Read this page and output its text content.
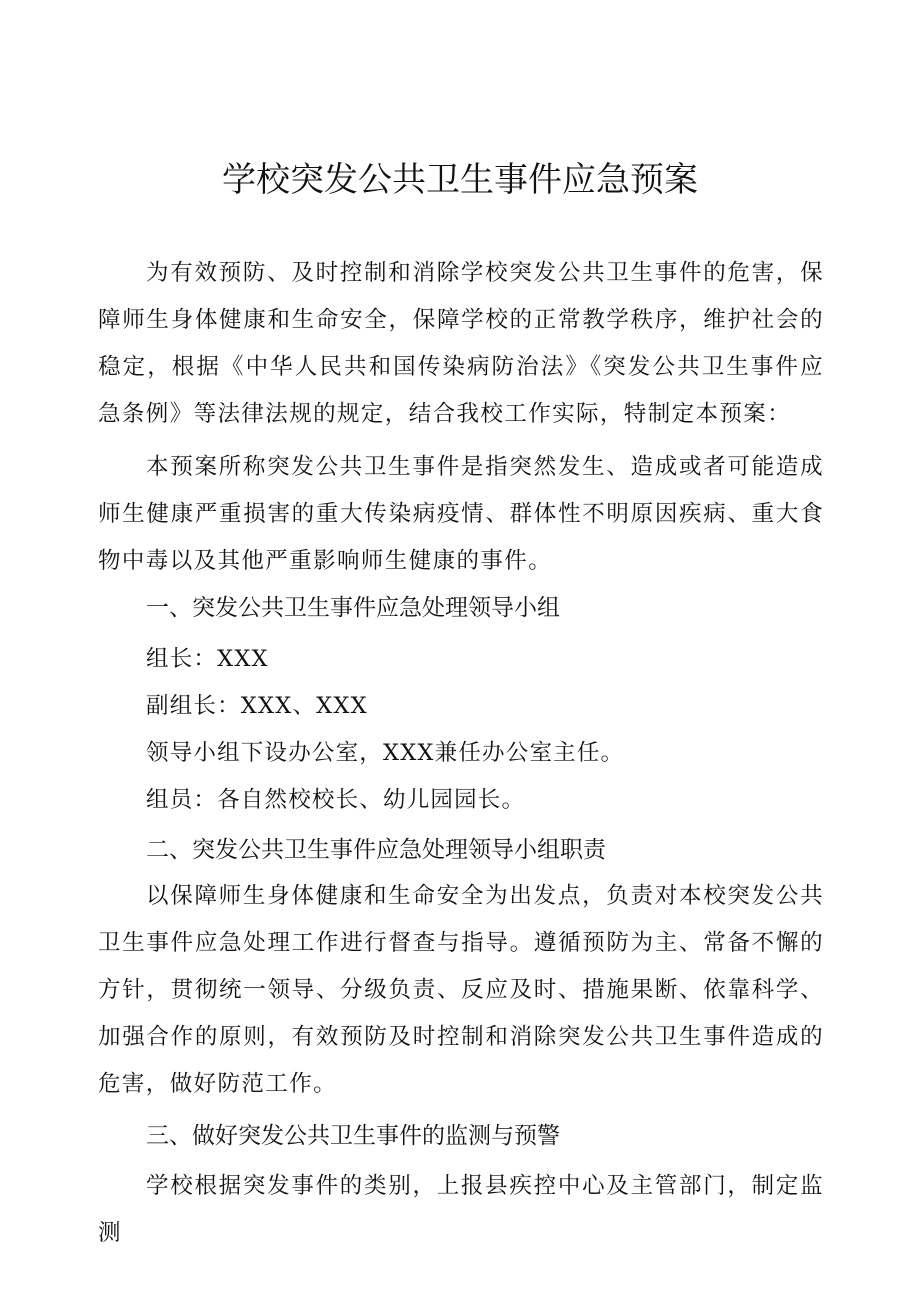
学校突发公共卫生事件应急预案

为有效预防、及时控制和消除学校突发公共卫生事件的危害，保障师生身体健康和生命安全，保障学校的正常教学秩序，维护社会的稳定，根据《中华人民共和国传染病防治法》《突发公共卫生事件应急条例》等法律法规的规定，结合我校工作实际，特制定本预案：

本预案所称突发公共卫生事件是指突然发生、造成或者可能造成师生健康严重损害的重大传染病疫情、群体性不明原因疾病、重大食物中毒以及其他严重影响师生健康的事件。

一、突发公共卫生事件应急处理领导小组

组长：XXX

副组长：XXX、XXX

领导小组下设办公室，XXX兼任办公室主任。

组员：各自然校校长、幼儿园园长。

二、突发公共卫生事件应急处理领导小组职责

以保障师生身体健康和生命安全为出发点，负责对本校突发公共卫生事件应急处理工作进行督查与指导。遵循预防为主、常备不懈的方针，贯彻统一领导、分级负责、反应及时、措施果断、依靠科学、加强合作的原则，有效预防及时控制和消除突发公共卫生事件造成的危害，做好防范工作。

三、做好突发公共卫生事件的监测与预警

学校根据突发事件的类别，上报县疾控中心及主管部门，制定监测
